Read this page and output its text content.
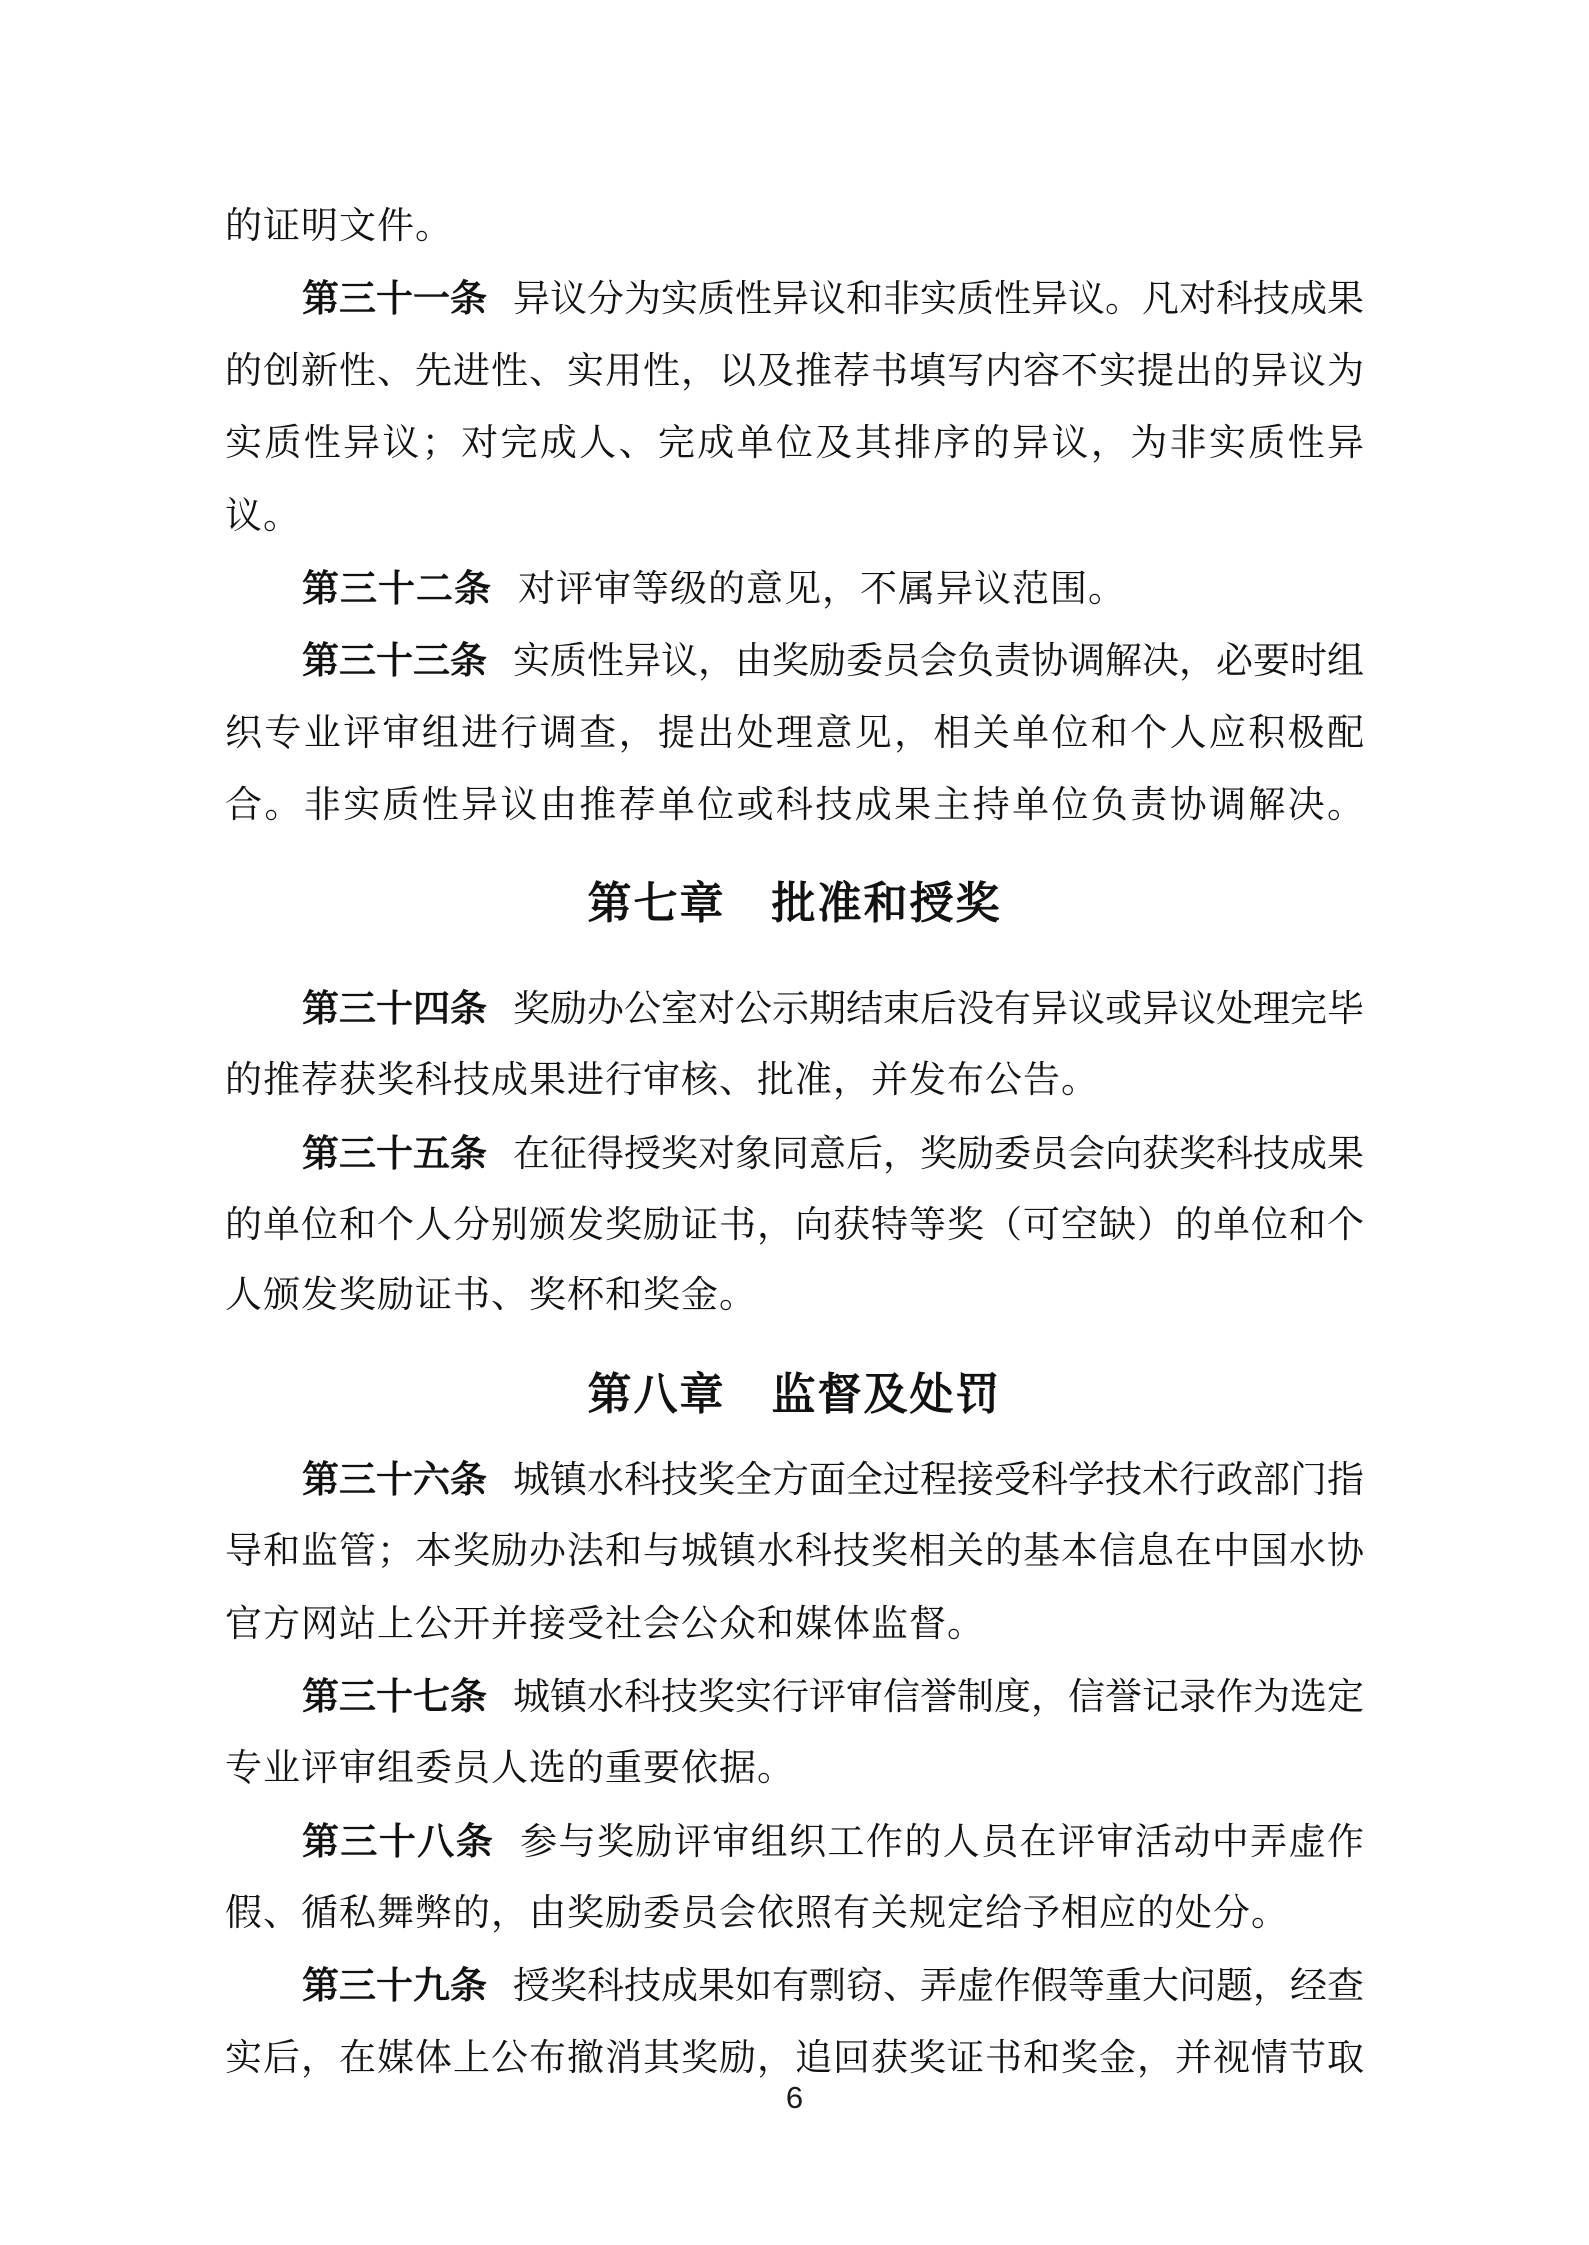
的证明文件。
第三十一条 异议分为实质性异议和非实质性异议。凡对科技成果
的创新性、先进性、实用性，以及推荐书填写内容不实提出的异议为
实质性异议；对完成人、完成单位及其排序的异议，为非实质性异
议。
第三十二条 对评审等级的意见，不属异议范围。
第三十三条 实质性异议，由奖励委员会负责协调解决，必要时组
织专业评审组进行调查，提出处理意见，相关单位和个人应积极配
合。非实质性异议由推荐单位或科技成果主持单位负责协调解决。
第七章　批准和授奖
第三十四条 奖励办公室对公示期结束后没有异议或异议处理完毕
的推荐获奖科技成果进行审核、批准，并发布公告。
第三十五条 在征得授奖对象同意后，奖励委员会向获奖科技成果
的单位和个人分别颁发奖励证书，向获特等奖（可空缺）的单位和个
人颁发奖励证书、奖杯和奖金。
第八章　监督及处罚
第三十六条 城镇水科技奖全方面全过程接受科学技术行政部门指
导和监管；本奖励办法和与城镇水科技奖相关的基本信息在中国水协
官方网站上公开并接受社会公众和媒体监督。
第三十七条 城镇水科技奖实行评审信誉制度，信誉记录作为选定
专业评审组委员人选的重要依据。
第三十八条 参与奖励评审组织工作的人员在评审活动中弄虚作
假、循私舞弊的，由奖励委员会依照有关规定给予相应的处分。
第三十九条 授奖科技成果如有剽窃、弄虚作假等重大问题，经查
实后，在媒体上公布撤消其奖励，追回获奖证书和奖金，并视情节取
6
